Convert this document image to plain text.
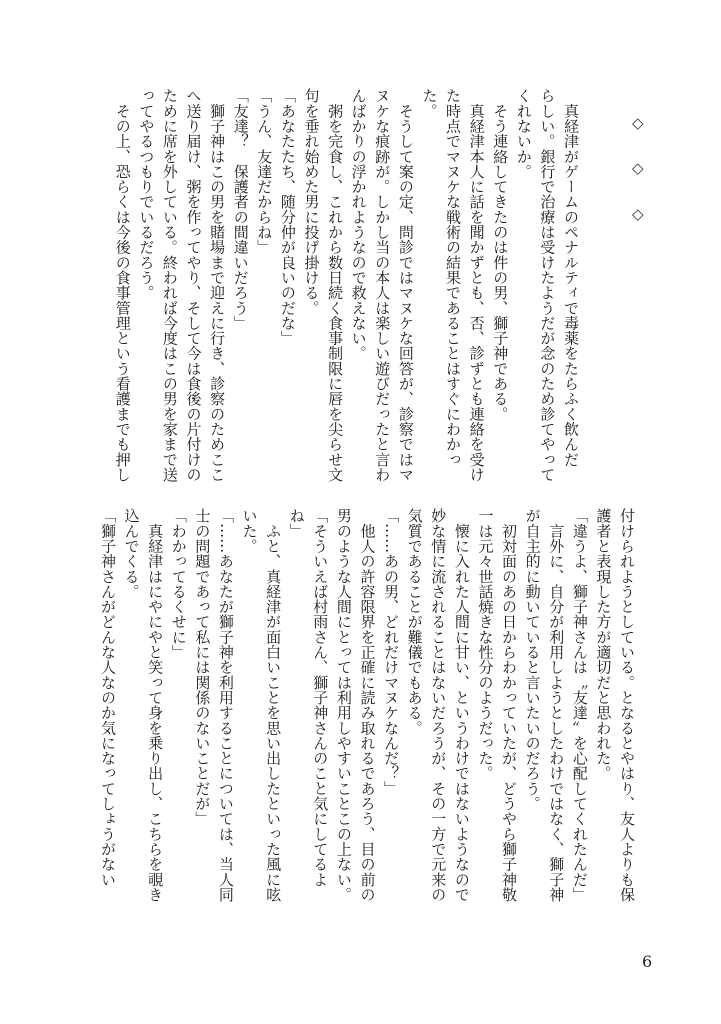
◇
◇
◇
　真経津がゲームのペナルティで毒薬をたらふく飲んだ
らしい。銀行で治療は受けたようだが念のため診てやって
くれないか。
　そう連絡してきたのは件の男、獅子神である。
　真経津本人に話を聞かずとも、否、診ずとも連絡を受け
た時点でマヌケな戦術の結果であることはすぐにわかっ
た。
　そうして案の定、問診ではマヌケな回答が、診察ではマ
ヌケな痕跡が。しかし当の本人は楽しい遊びだったと言わ
んばかりの浮かれようなので救えない。
　粥を完食し、これから数日続く食事制限に唇を尖らせ文
句を垂れ始めた男に投げ掛ける。
「あなたたち、随分仲が良いのだな」
「うん、友達だからね」
「友達？　保護者の間違いだろう」
　獅子神はこの男を賭場まで迎えに行き、診察のためここ
へ送り届け、粥を作ってやり、そして今は食後の片付けの
ために席を外している。終われば今度はこの男を家まで送
ってやるつもりでいるだろう。
　その上、恐らくは今後の食事管理という看護までも押し
付けられようとしている。となるとやはり、友人よりも保
護者と表現した方が適切だと思われた。
「違うよ、獅子神さんは〝友達〟を心配してくれたんだ」
　言外に、自分が利用しようとしたわけではなく、獅子神
が自主的に動いていると言いたいのだろう。
　初対面のあの日からわかっていたが、どうやら獅子神敬
一は元々世話焼きな性分のようだった。
　懐に入れた人間に甘い、というわけではないようなので
妙な情に流されることはないだろうが、その一方で元来の
気質であることが難儀でもある。
「……あの男、どれだけマヌケなんだ？」
　他人の許容限界を正確に読み取れるであろう、目の前の
男のような人間にとっては利用しやすいことこの上ない。
「そういえば村雨さん、獅子神さんのこと気にしてるよ
ね」
　ふと、真経津が面白いことを思い出したといった風に呟
いた。
「……あなたが獅子神を利用することについては、当人同
士の問題であって私には関係のないことだが」
「わかってるくせに」
　真経津はにやにやと笑って身を乗り出し、こちらを覗き
込んでくる。
「獅子神さんがどんな人なのか気になってしょうがない
6
